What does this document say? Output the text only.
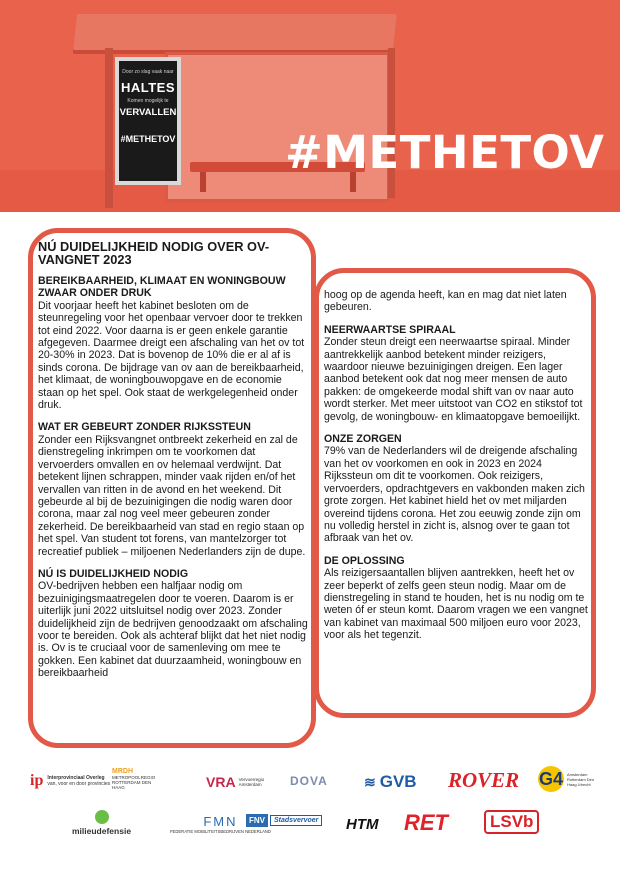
Door zo slag vaak naar
HALTES
Komen mogelijk te
VERVALLEN
#METHETOV #METHETOV
NÚ DUIDELIJKHEID NODIG OVER OV-VANGNET 2023
BEREIKBAARHEID, KLIMAAT EN WONINGBOUW ZWAAR ONDER DRUK

Dit voorjaar heeft het kabinet besloten om de steunregeling voor het openbaar vervoer door te trekken tot eind 2022. Voor daarna is er geen enkele garantie afgegeven. Daarmee dreigt een afschaling van het ov tot 20-30% in 2023. Dat is bovenop de 10% die er al af is sinds corona. De bijdrage van ov aan de bereikbaarheid, het klimaat, de woningbouwopgave en de economie staan op het spel. Ook staat de werkgelegenheid onder druk.

WAT ER GEBEURT ZONDER RIJKSSTEUN

Zonder een Rijksvangnet ontbreekt zekerheid en zal de dienstregeling inkrimpen om te voorkomen dat vervoerders omvallen en ov helemaal verdwijnt. Dat betekent lijnen schrappen, minder vaak rijden en/of het vervallen van ritten in de avond en het weekend. Dit gebeurde al bij de bezuinigingen die nodig waren door corona, maar zal nog veel meer gebeuren zonder zekerheid. De bereikbaarheid van stad en regio staan op het spel. Van student tot forens, van mantelzorger tot recreatief publiek – miljoenen Nederlanders zijn de dupe.

NÚ IS DUIDELIJKHEID NODIG

OV-bedrijven hebben een halfjaar nodig om bezuinigingsmaatregelen door te voeren. Daarom is er uiterlijk juni 2022 uitsluitsel nodig over 2023. Zonder duidelijkheid zijn de bedrijven genoodzaakt om afschaling voor te bereiden. Ook als achteraf blijkt dat het niet nodig is. Ov is te cruciaal voor de samenleving om mee te gokken. Een kabinet dat duurzaamheid, woningbouw en bereikbaarheid

hoog op de agenda heeft, kan en mag dat niet laten gebeuren.

NEERWAARTSE SPIRAAL

Zonder steun dreigt een neerwaartse spiraal. Minder aantrekkelijk aanbod betekent minder reizigers, waardoor nieuwe bezuinigingen dreigen. Een lager aanbod betekent ook dat nog meer mensen de auto pakken: de omgekeerde modal shift van ov naar auto wordt sterker. Met meer uitstoot van CO2 en stikstof tot gevolg, de woningbouw- en klimaatopgave bemoeilijkt.

ONZE ZORGEN

79% van de Nederlanders wil de dreigende afschaling van het ov voorkomen en ook in 2023 en 2024 Rijkssteun om dit te voorkomen. Ook reizigers, vervoerders, opdrachtgevers en vakbonden maken zich grote zorgen. Het kabinet hield het ov met miljarden overeind tijdens corona. Het zou eeuwig zonde zijn om nu volledig herstel in zicht is, alsnog over te gaan tot afbraak van het ov.

DE OPLOSSING

Als reizigersaantallen blijven aantrekken, heeft het ov zeer beperkt of zelfs geen steun nodig. Maar om de dienstregeling in stand te houden, het is nu nodig om te weten óf er steun komt. Daarom vragen we een vangnet van kabinet van maximaal 500 miljoen euro voor 2023, voor als het tegenzit.

ip Interprovinciaal Overleg
van, voor en door provincies
MRDH
METROPOOLREGIO ROTTERDAM DEN HAAG	VRA Vervoerregio Amsterdam	DOVA	≋ GVB ROVER G4 Amsterdam Rotterdam Den Haag Utrecht
milieudefensie
FMN
FEDERATIE MOBILITEITSBEDRIJVEN NEDERLAND
FNV	Stadsvervoer HTM RET	LSVb
